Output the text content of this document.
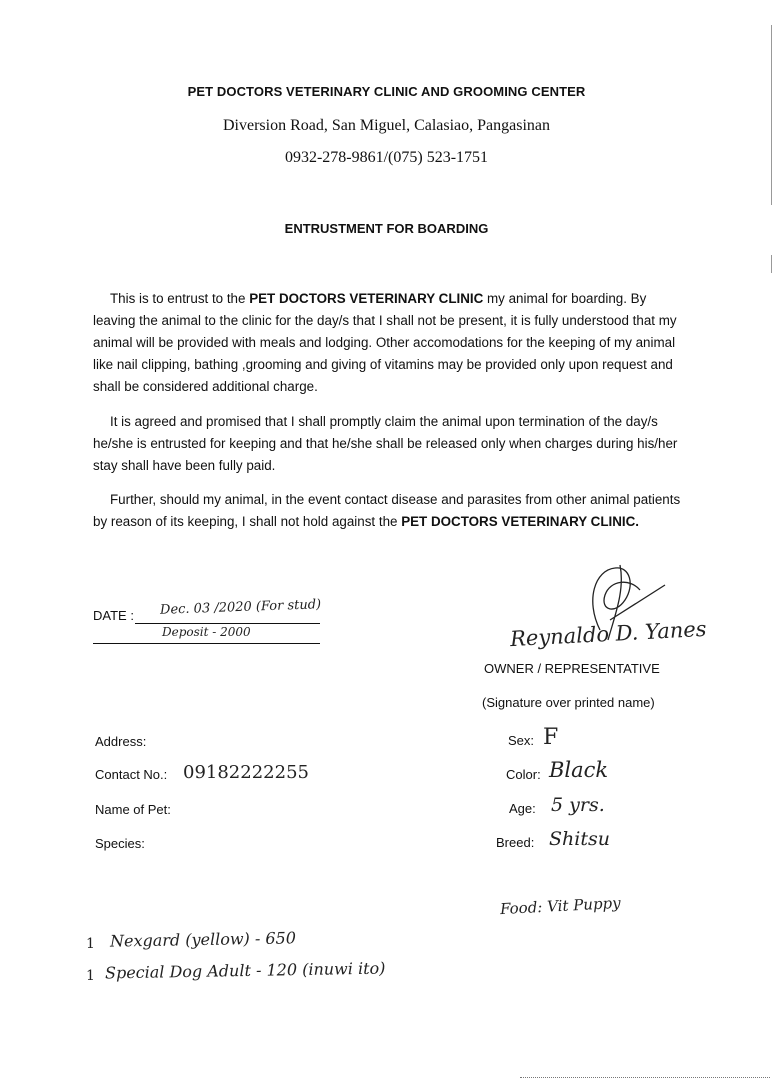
PET DOCTORS VETERINARY CLINIC AND GROOMING CENTER
Diversion Road, San Miguel, Calasiao, Pangasinan
0932-278-9861/(075) 523-1751
ENTRUSTMENT FOR BOARDING
This is to entrust to the PET DOCTORS VETERINARY CLINIC my animal for boarding. By leaving the animal to the clinic for the day/s that I shall not be present, it is fully understood that my animal will be provided with meals and lodging. Other accomodations for the keeping of my animal like nail clipping, bathing ,grooming and giving of vitamins may be provided only upon request and shall be considered additional charge.
It is agreed and promised that I shall promptly claim the animal upon termination of the day/s he/she is entrusted for keeping and that he/she shall be released only when charges during his/her stay shall have been fully paid.
Further, should my animal, in the event contact disease and parasites from other animal patients by reason of its keeping, I shall not hold against the PET DOCTORS VETERINARY CLINIC.
DATE : Dec. 03 /2020 (For stud)
Deposit - 2000	Reynaldo D. Yanes
OWNER / REPRESENTATIVE
(Signature over printed name)
Address:
Contact No.: 09182222255
Name of Pet:
Species:
Sex: F
Color: Black
Age: 5 yrs.
Breed: Shitsu
Food: Vit Puppy
1 Nexgard (yellow) - 650
1 Special Dog Adult - 120 (inuwi ito)
